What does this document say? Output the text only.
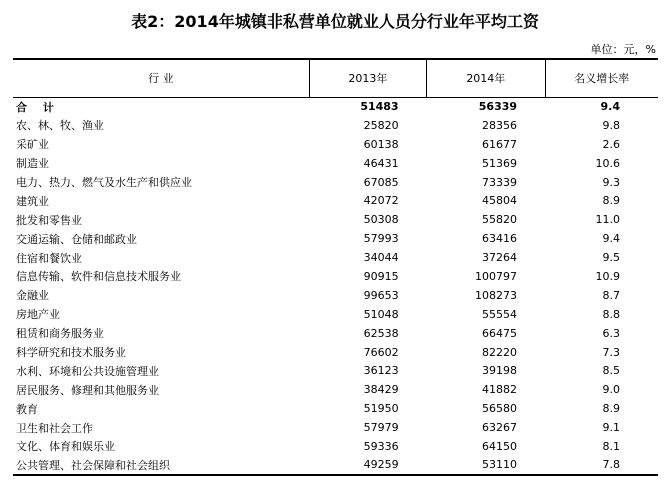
表2：2014年城镇非私营单位就业人员分行业年平均工资
单位：元，%
行 业	2013年	2014年	名义增长率
合 计	51483	56339	9.4
农、林、牧、渔业	25820	28356	9.8
采矿业	60138	61677	2.6
制造业	46431	51369	10.6
电力、热力、燃气及水生产和供应业	67085	73339	9.3
建筑业	42072	45804	8.9
批发和零售业	50308	55820	11.0
交通运输、仓储和邮政业	57993	63416	9.4
住宿和餐饮业	34044	37264	9.5
信息传输、软件和信息技术服务业	90915	100797	10.9
金融业	99653	108273	8.7
房地产业	51048	55554	8.8
租赁和商务服务业	62538	66475	6.3
科学研究和技术服务业	76602	82220	7.3
水利、环境和公共设施管理业	36123	39198	8.5
居民服务、修理和其他服务业	38429	41882	9.0
教育	51950	56580	8.9
卫生和社会工作	57979	63267	9.1
文化、体育和娱乐业	59336	64150	8.1
公共管理、社会保障和社会组织	49259	53110	7.8
